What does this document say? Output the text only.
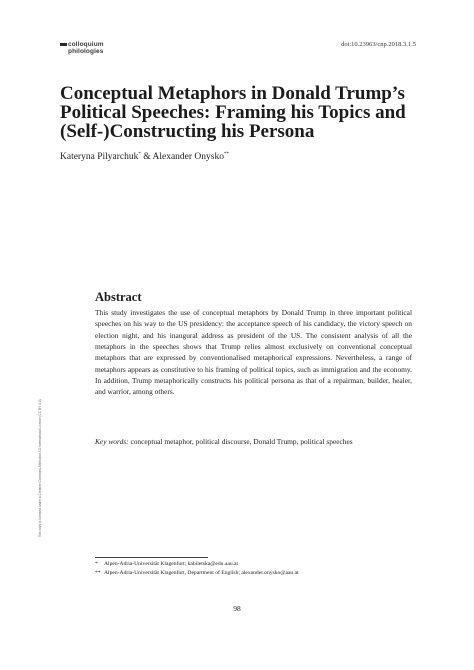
colloquium
philologies
doi:10.23963/cnp.2018.3.1.5
Conceptual Metaphors in Donald Trump’s Political Speeches: Framing his Topics and (Self-)Constructing his Persona
Kateryna Pilyarchuk* & Alexander Onysko**
Abstract

This study investigates the use of conceptual metaphors by Donald Trump in three important political speeches on his way to the US presidency: the acceptance speech of his candidacy, the victory speech on election night, and his inaugural address as president of the US. The consistent analysis of all the metaphors in the speeches shows that Trump relies almost exclusively on conventional conceptual metaphors that are expressed by conventionalised metaphorical expressions. Nevertheless, a range of metaphors appears as constitutive to his framing of political topics, such as immigration and the economy. In addition, Trump metaphorically constructs his political persona as that of a repairman, builder, healer, and warrior, among others.

Key words: conceptual metaphor, political discourse, Donald Trump, political speeches

* Alpen-Adria-Universität Klagenfurt; kabiletska@edu.aau.at
** Alpen-Adria-Universität Klagenfurt, Department of English; alexander.onysko@aau.at
98
This work is licensed under a Creative Commons Attribution 4.0 International License (CC BY 4.0).
